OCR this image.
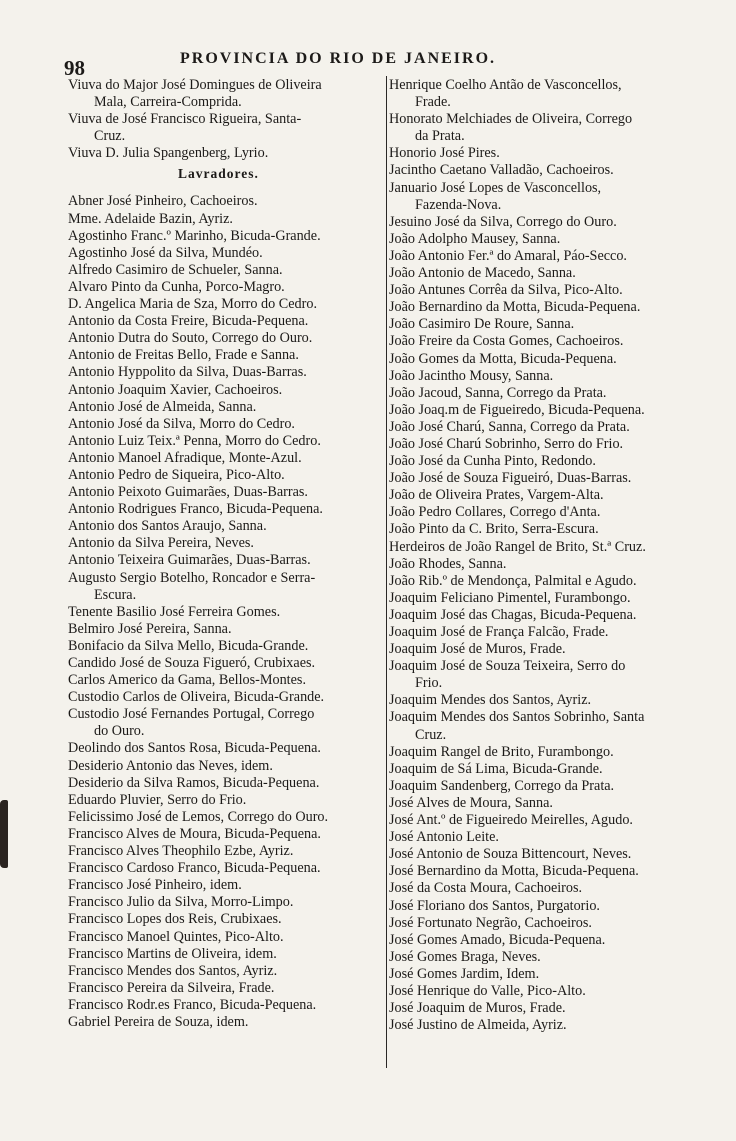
98	PROVINCIA DO RIO DE JANEIRO.
Viuva do Major José Domingues de Oliveira
Mala, Carreira-Comprida.
Viuva de José Francisco Rigueira, Santa-
Cruz.
Viuva D. Julia Spangenberg, Lyrio.
Lavradores.
Abner José Pinheiro, Cachoeiros.
Mme. Adelaide Bazin, Ayriz.
Agostinho Franc.º Marinho, Bicuda-Grande.
Agostinho José da Silva, Mundéo.
Alfredo Casimiro de Schueler, Sanna.
Alvaro Pinto da Cunha, Porco-Magro.
D. Angelica Maria de Sza, Morro do Cedro.
Antonio da Costa Freire, Bicuda-Pequena.
Antonio Dutra do Souto, Corrego do Ouro.
Antonio de Freitas Bello, Frade e Sanna.
Antonio Hyppolito da Silva, Duas-Barras.
Antonio Joaquim Xavier, Cachoeiros.
Antonio José de Almeida, Sanna.
Antonio José da Silva, Morro do Cedro.
Antonio Luiz Teix.ª Penna, Morro do Cedro.
Antonio Manoel Afradique, Monte-Azul.
Antonio Pedro de Siqueira, Pico-Alto.
Antonio Peixoto Guimarães, Duas-Barras.
Antonio Rodrigues Franco, Bicuda-Pequena.
Antonio dos Santos Araujo, Sanna.
Antonio da Silva Pereira, Neves.
Antonio Teixeira Guimarães, Duas-Barras.
Augusto Sergio Botelho, Roncador e Serra-
Escura.
Tenente Basilio José Ferreira Gomes.
Belmiro José Pereira, Sanna.
Bonifacio da Silva Mello, Bicuda-Grande.
Candido José de Souza Figueró, Crubixaes.
Carlos Americo da Gama, Bellos-Montes.
Custodio Carlos de Oliveira, Bicuda-Grande.
Custodio José Fernandes Portugal, Corrego
do Ouro.
Deolindo dos Santos Rosa, Bicuda-Pequena.
Desiderio Antonio das Neves, idem.
Desiderio da Silva Ramos, Bicuda-Pequena.
Eduardo Pluvier, Serro do Frio.
Felicissimo José de Lemos, Corrego do Ouro.
Francisco Alves de Moura, Bicuda-Pequena.
Francisco Alves Theophilo Ezbe, Ayriz.
Francisco Cardoso Franco, Bicuda-Pequena.
Francisco José Pinheiro, idem.
Francisco Julio da Silva, Morro-Limpo.
Francisco Lopes dos Reis, Crubixaes.
Francisco Manoel Quintes, Pico-Alto.
Francisco Martins de Oliveira, idem.
Francisco Mendes dos Santos, Ayriz.
Francisco Pereira da Silveira, Frade.
Francisco Rodr.es Franco, Bicuda-Pequena.
Gabriel Pereira de Souza, idem.
Henrique Coelho Antão de Vasconcellos,
Frade.
Honorato Melchiades de Oliveira, Corrego
da Prata.
Honorio José Pires.
Jacintho Caetano Valladão, Cachoeiros.
Januario José Lopes de Vasconcellos,
Fazenda-Nova.
Jesuino José da Silva, Corrego do Ouro.
João Adolpho Mausey, Sanna.
João Antonio Fer.ª do Amaral, Páo-Secco.
João Antonio de Macedo, Sanna.
João Antunes Corrêa da Silva, Pico-Alto.
João Bernardino da Motta, Bicuda-Pequena.
João Casimiro De Roure, Sanna.
João Freire da Costa Gomes, Cachoeiros.
João Gomes da Motta, Bicuda-Pequena.
João Jacintho Mousy, Sanna.
João Jacoud, Sanna, Corrego da Prata.
João Joaq.m de Figueiredo, Bicuda-Pequena.
João José Charú, Sanna, Corrego da Prata.
João José Charú Sobrinho, Serro do Frio.
João José da Cunha Pinto, Redondo.
João José de Souza Figueiró, Duas-Barras.
João de Oliveira Prates, Vargem-Alta.
João Pedro Collares, Corrego d'Anta.
João Pinto da C. Brito, Serra-Escura.
Herdeiros de João Rangel de Brito, St.ª Cruz.
João Rhodes, Sanna.
João Rib.º de Mendonça, Palmital e Agudo.
Joaquim Feliciano Pimentel, Furambongo.
Joaquim José das Chagas, Bicuda-Pequena.
Joaquim José de França Falcão, Frade.
Joaquim José de Muros, Frade.
Joaquim José de Souza Teixeira, Serro do
Frio.
Joaquim Mendes dos Santos, Ayriz.
Joaquim Mendes dos Santos Sobrinho, Santa
Cruz.
Joaquim Rangel de Brito, Furambongo.
Joaquim de Sá Lima, Bicuda-Grande.
Joaquim Sandenberg, Corrego da Prata.
José Alves de Moura, Sanna.
José Ant.º de Figueiredo Meirelles, Agudo.
José Antonio Leite.
José Antonio de Souza Bittencourt, Neves.
José Bernardino da Motta, Bicuda-Pequena.
José da Costa Moura, Cachoeiros.
José Floriano dos Santos, Purgatorio.
José Fortunato Negrão, Cachoeiros.
José Gomes Amado, Bicuda-Pequena.
José Gomes Braga, Neves.
José Gomes Jardim, Idem.
José Henrique do Valle, Pico-Alto.
José Joaquim de Muros, Frade.
José Justino de Almeida, Ayriz.
